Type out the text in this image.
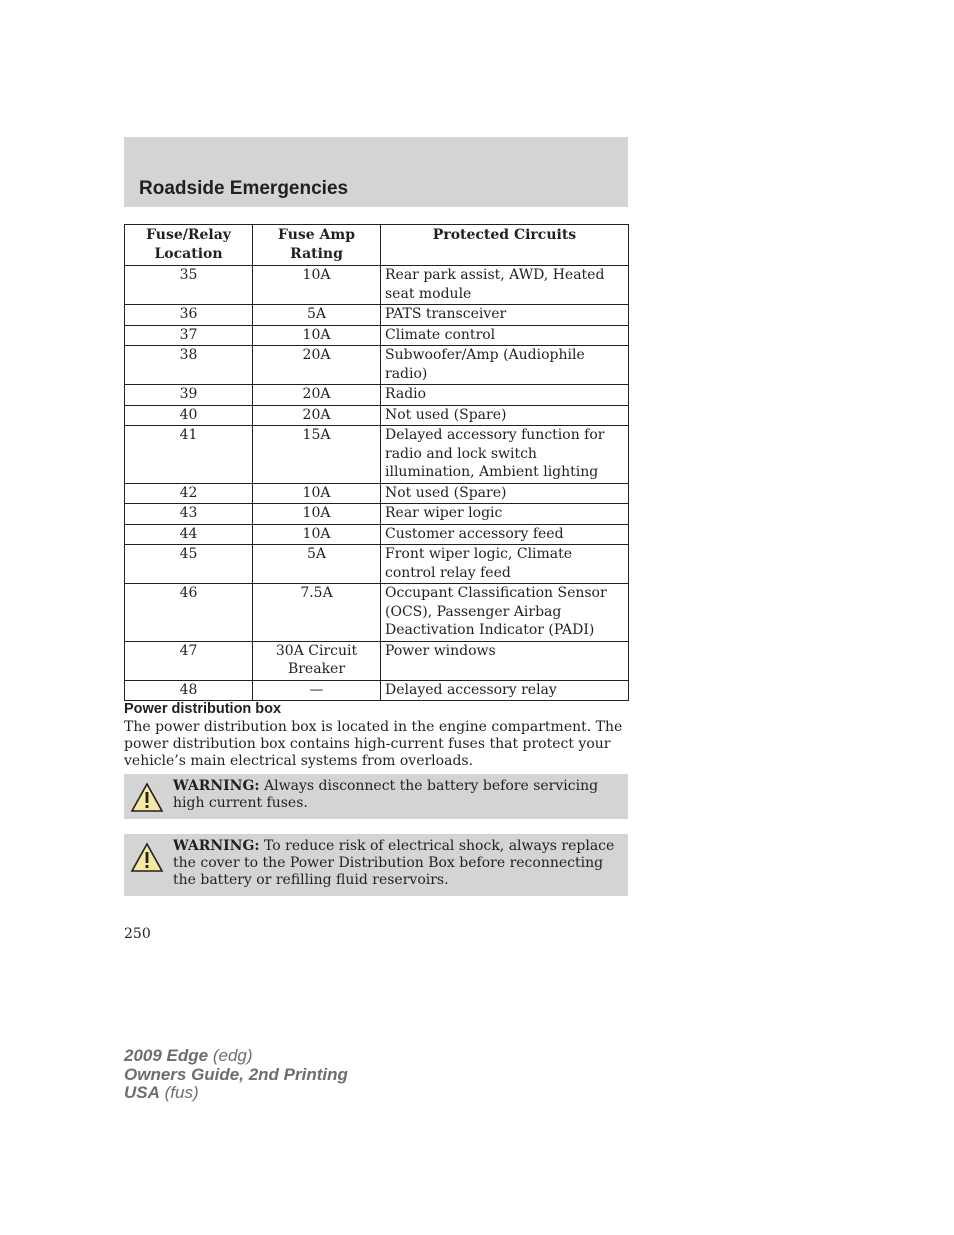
Roadside Emergencies
Fuse/Relay Location	Fuse Amp Rating	Protected Circuits
35	10A	Rear park assist, AWD, Heated seat module
36	5A	PATS transceiver
37	10A	Climate control
38	20A	Subwoofer/Amp (Audiophile radio)
39	20A	Radio
40	20A	Not used (Spare)
41	15A	Delayed accessory function for radio and lock switch illumination, Ambient lighting
42	10A	Not used (Spare)
43	10A	Rear wiper logic
44	10A	Customer accessory feed
45	5A	Front wiper logic, Climate control relay feed
46	7.5A	Occupant Classification Sensor (OCS), Passenger Airbag Deactivation Indicator (PADI)
47	30A Circuit Breaker	Power windows
48	—	Delayed accessory relay
Power distribution box
The power distribution box is located in the engine compartment. The power distribution box contains high-current fuses that protect your vehicle’s main electrical systems from overloads.
WARNING: Always disconnect the battery before servicing high current fuses.
WARNING: To reduce risk of electrical shock, always replace the cover to the Power Distribution Box before reconnecting the battery or refilling fluid reservoirs.
250
2009 Edge (edg)
Owners Guide, 2nd Printing
USA (fus)
